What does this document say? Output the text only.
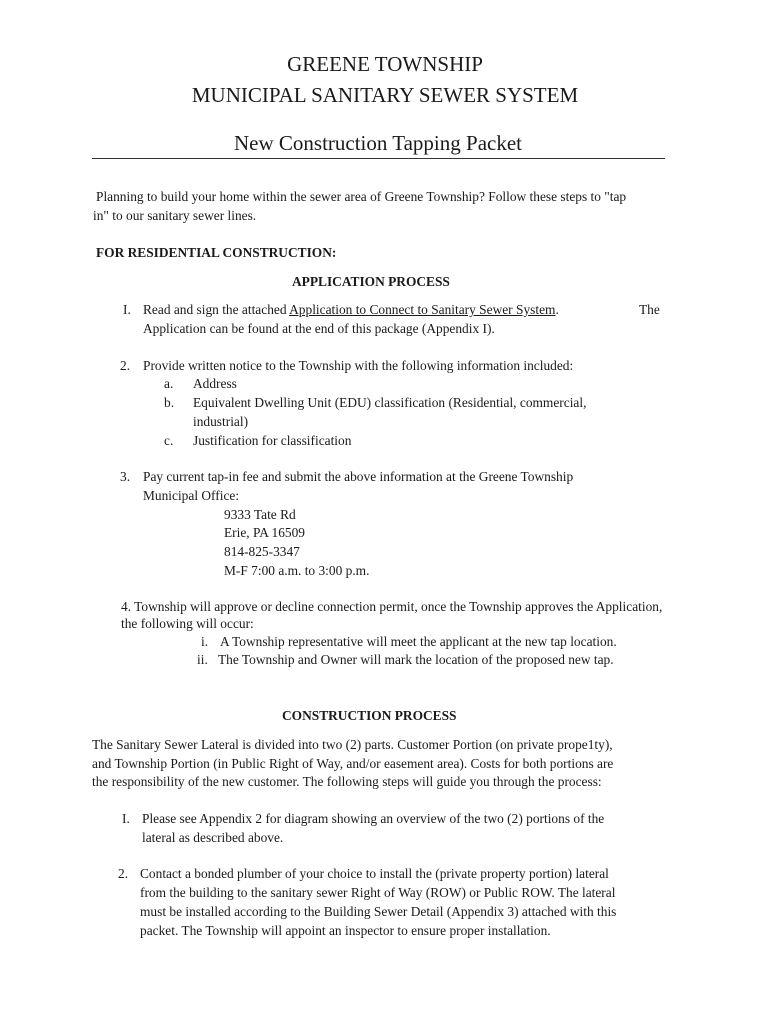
GREENE TOWNSHIP
MUNICIPAL SANITARY SEWER SYSTEM
New Construction Tapping Packet
Planning to build your home within the sewer area of Greene Township? Follow these steps to "tap
in" to our sanitary sewer lines.
FOR RESIDENTIAL CONSTRUCTION:
APPLICATION PROCESS
I. Read and sign the attached Application to Connect to Sanitary Sewer System.	The
Application can be found at the end of this package (Appendix I).
2. Provide written notice to the Township with the following information included:
a. Address
b. Equivalent Dwelling Unit (EDU) classification (Residential, commercial,
industrial)
c. Justification for classification
3. Pay current tap-in fee and submit the above information at the Greene Township
Municipal Office:
9333 Tate Rd
Erie, PA 16509
814-825-3347
M-F 7:00 a.m. to 3:00 p.m.
4. Township will approve or decline connection permit, once the Township approves the Application,
the following will occur:
i. A Township representative will meet the applicant at the new tap location.
ii. The Township and Owner will mark the location of the proposed new tap.
CONSTRUCTION PROCESS
The Sanitary Sewer Lateral is divided into two (2) parts. Customer Portion (on private prope1ty),
and Township Portion (in Public Right of Way, and/or easement area). Costs for both portions are
the responsibility of the new customer. The following steps will guide you through the process:
I. Please see Appendix 2 for diagram showing an overview of the two (2) portions of the
lateral as described above.
2. Contact a bonded plumber of your choice to install the (private property portion) lateral
from the building to the sanitary sewer Right of Way (ROW) or Public ROW. The lateral
must be installed according to the Building Sewer Detail (Appendix 3) attached with this
packet. The Township will appoint an inspector to ensure proper installation.
